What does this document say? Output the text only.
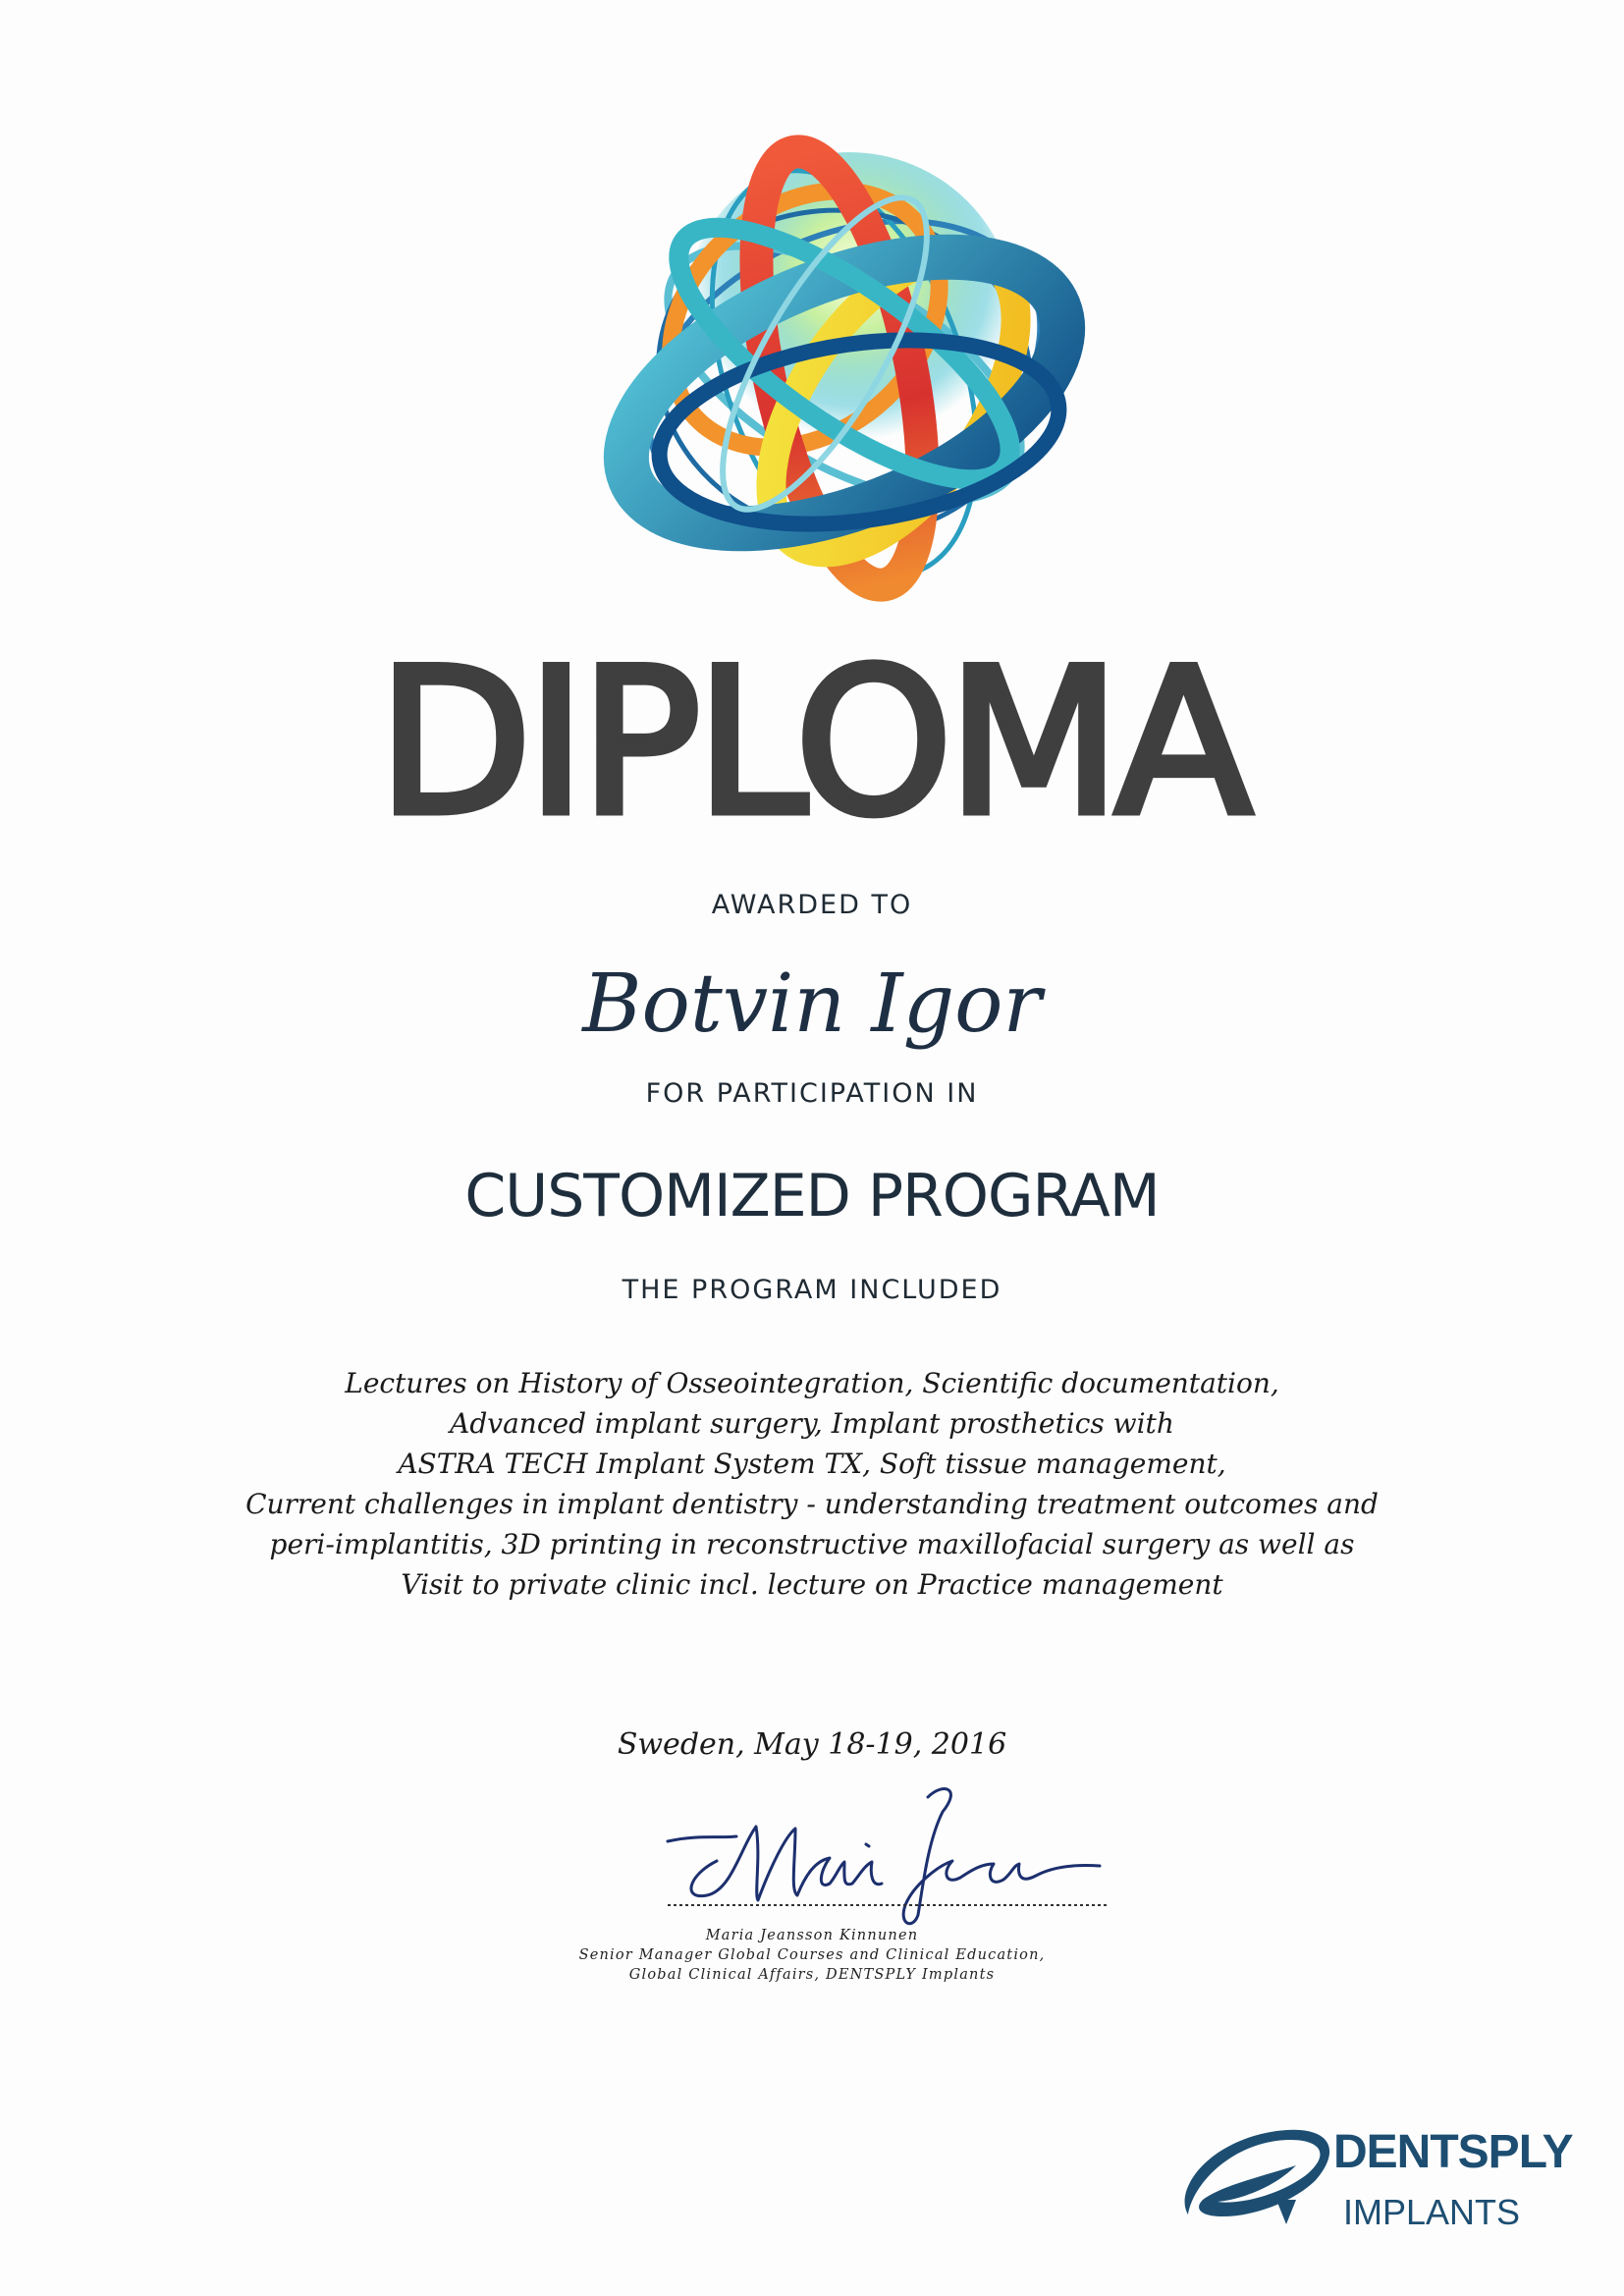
DIPLOMA
AWARDED TO
Botvin Igor
FOR PARTICIPATION IN
CUSTOMIZED PROGRAM
THE PROGRAM INCLUDED
Lectures on History of Osseointegration, Scientific documentation,
Advanced implant surgery, Implant prosthetics with
ASTRA TECH Implant System TX, Soft tissue management,
Current challenges in implant dentistry - understanding treatment outcomes and
peri-implantitis, 3D printing in reconstructive maxillofacial surgery as well as
Visit to private clinic incl. lecture on Practice management
Sweden, May 18-19, 2016
Maria Jeansson Kinnunen
Senior Manager Global Courses and Clinical Education,
Global Clinical Affairs, DENTSPLY Implants
DENTSPLY
IMPLANTS
